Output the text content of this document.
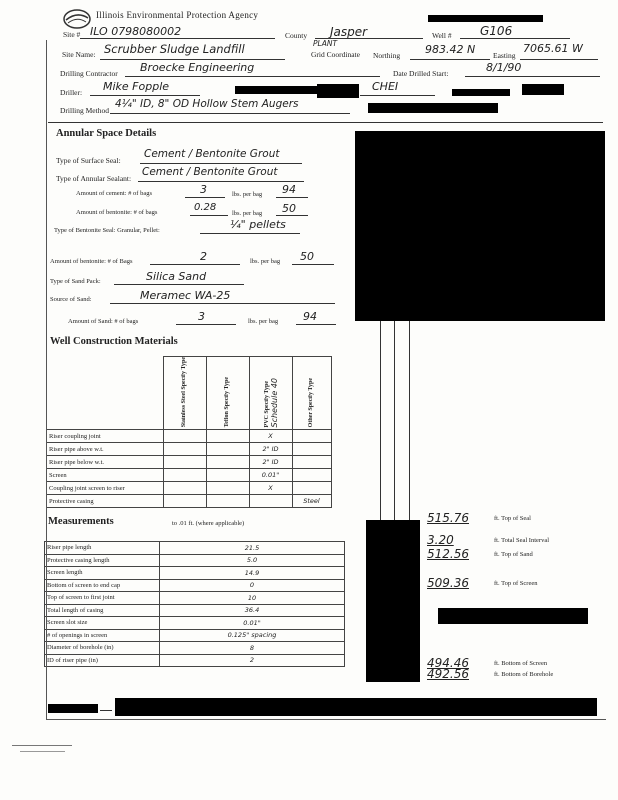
Illinois Environmental Protection Agency
Site # ILO 0798080002	County Jasper	Well # G106
Site Name: Scrubber Sludge Landfill	PLANT
Grid Coordinate Northing 983.42 N Easting
7065.61 W
Drilling Contractor Broecke Engineering	Date Drilled Start:	8/1/90
Driller: Mike Fopple	CHEI
Drilling Method
4¼" ID, 8" OD Hollow Stem Augers
Annular Space Details
Type of Surface Seal:
Cement / Bentonite Grout
Type of Annular Sealant:
Cement / Bentonite Grout
Amount of cement: # of bags	3	lbs. per bag 94
Amount of bentonite: # of bags	0.28
lbs. per bag 50
Type of Bentonite Seal: Granular, Pellet:	¼" pellets
Amount of bentonite: # of Bags	2	lbs. per bag 50
Type of Sand Pack:	Silica Sand
Source of Sand:	Meramec WA-25
Amount of Sand: # of bags	3	lbs. per bag 94
Well Construction Materials
	Stainless Steel Specify Type	Teflon Specify Type	PVC Specify TypeSchedule 40	Other Specify Type
Riser coupling joint			X	
Riser pipe above w.t.			2" ID	
Riser pipe below w.t.			2" ID	
Screen			0.01"	
Coupling joint screen to riser			X	
Protective casing				Steel
Measurements	to .01 ft. (where applicable)
Riser pipe length	21.5
Protective casing length	5.0
Screen length	14.9
Bottom of screen to end cap	0
Top of screen to first joint	10
Total length of casing	36.4
Screen slot size	0.01"
# of openings in screen	0.125" spacing
Diameter of borehole (in)	8
ID of riser pipe (in)	2
515.76	ft. Top of Seal
3.20	ft. Total Seal Interval
512.56	ft. Top of Sand
509.36	ft. Top of Screen
494.46	ft. Bottom of Screen
492.56	ft. Bottom of Borehole
